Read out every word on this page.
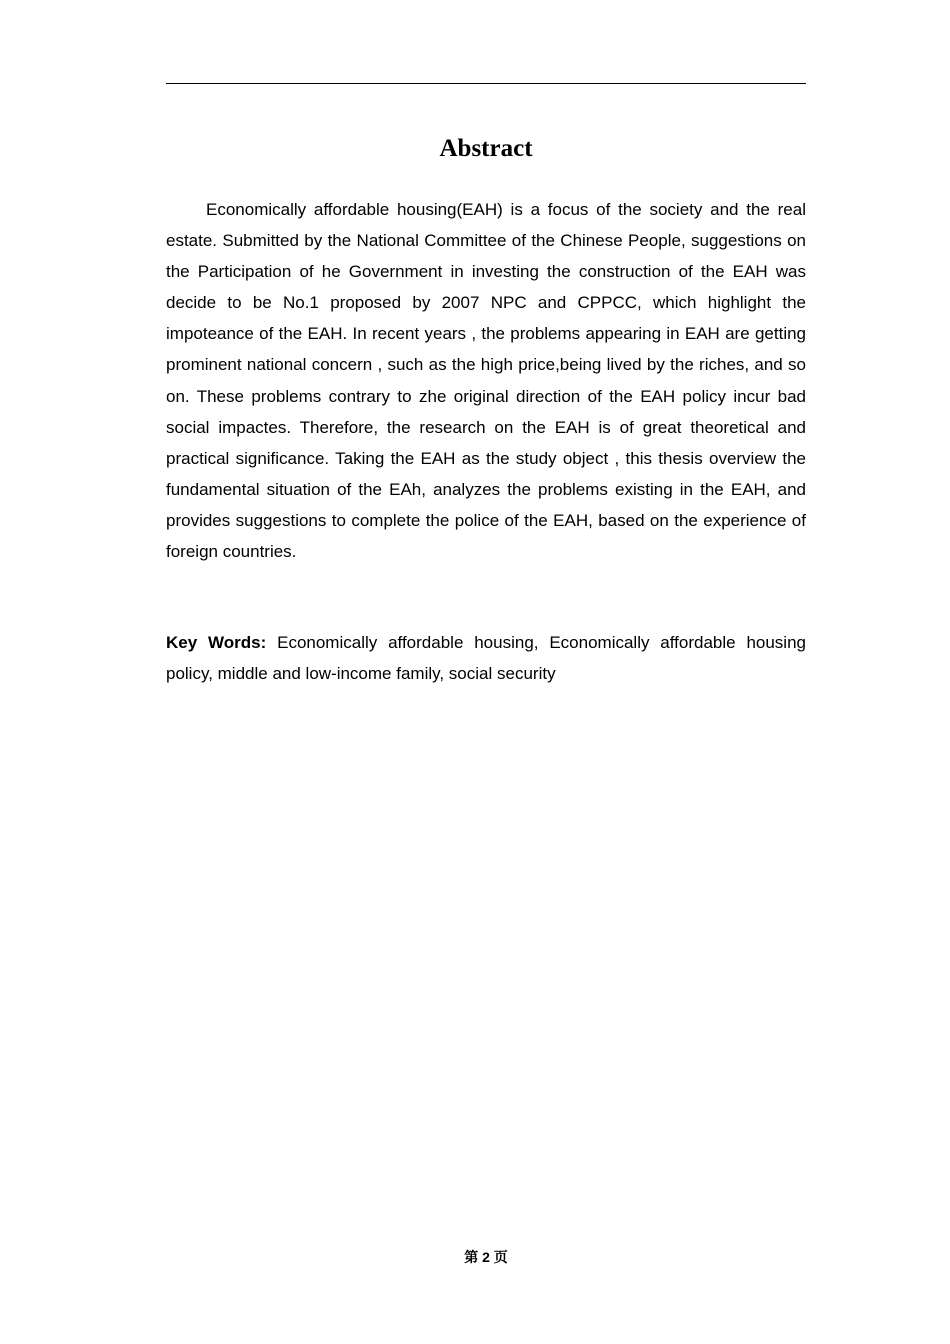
Abstract

Economically affordable housing(EAH) is a focus of the society and the real estate. Submitted by the National Committee of the Chinese People, suggestions on the Participation of he Government in investing the construction of the EAH was decide to be No.1 proposed by 2007 NPC and CPPCC, which highlight the impoteance of the EAH. In recent years , the problems appearing in EAH are getting prominent national concern , such as the high price,being lived by the riches, and so on. These problems contrary to zhe original direction of the EAH policy incur bad social impactes. Therefore, the research on the EAH is of great theoretical and practical significance. Taking the EAH as the study object , this thesis overview the fundamental situation of the EAh, analyzes the problems existing in the EAH, and provides suggestions to complete the police of the EAH, based on the experience of foreign countries.

Key Words: Economically affordable housing, Economically affordable housing policy, middle and low-income family, social security

第 2 页
